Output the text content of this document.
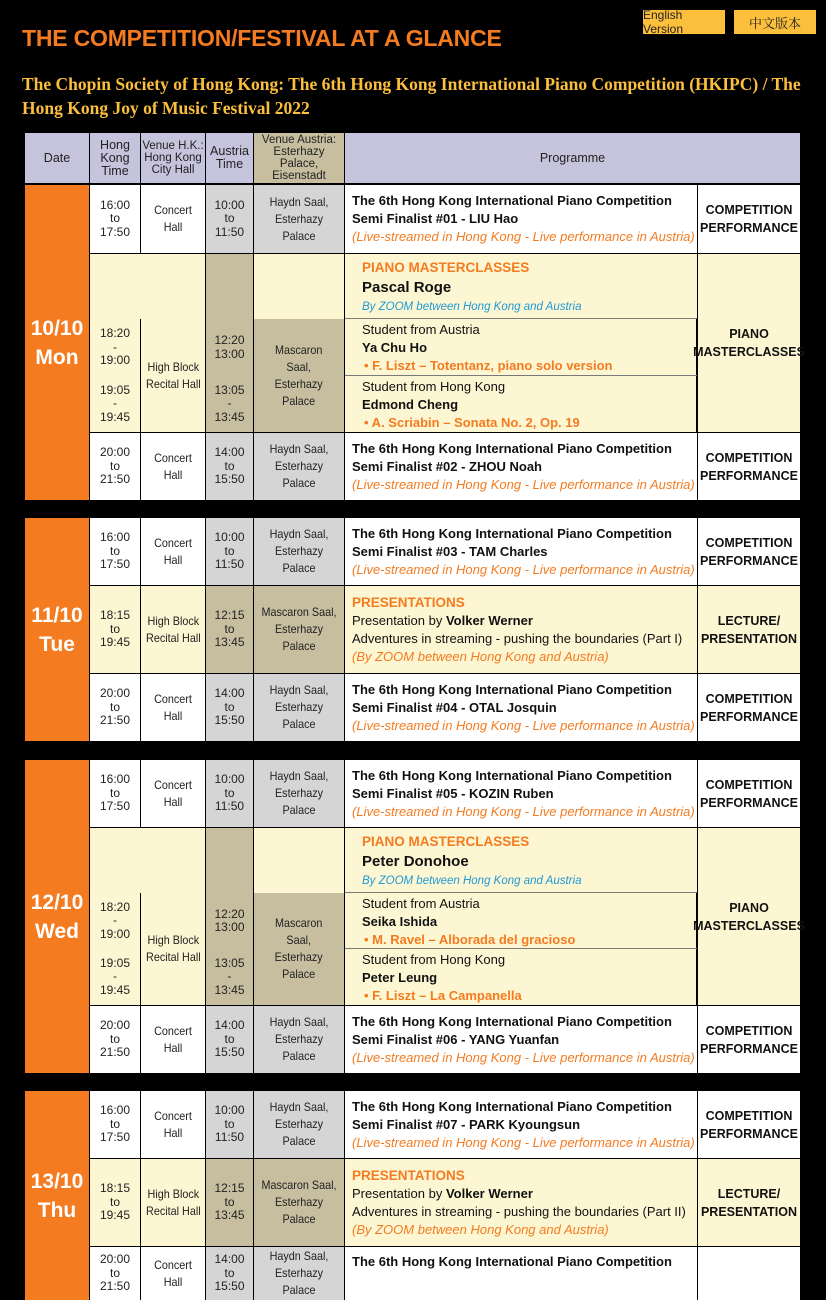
English Version	中文版本
THE COMPETITION/FESTIVAL AT A GLANCE
The Chopin Society of Hong Kong: The 6th Hong Kong International Piano Competition (HKIPC) / The Hong Kong Joy of Music Festival 2022
Date
Hong
Kong
Time
Venue H.K.:
Hong Kong
City Hall
Austria
Time
Venue Austria:
Esterhazy Palace,
Eisenstadt
Programme
10/10
Mon
16:00
to
17:50
Concert Hall
10:00
to
11:50
Haydn Saal,
Esterhazy Palace
The 6th Hong Kong International Piano Competition
Semi Finalist #01 - LIU Hao
(Live-streamed in Hong Kong - Live performance in Austria)
COMPETITION
PERFORMANCE
18:20
-
19:00
12:20
13:00
19:05
-
19:45
13:05
-
13:45
High Block
Recital Hall
Mascaron
Saal,
Esterhazy
Palace
PIANO MASTERCLASSES
Pascal Roge
By ZOOM between Hong Kong and Austria
Student from Austria
Ya Chu Ho
• F. Liszt – Totentanz, piano solo version
Student from Hong Kong
Edmond Cheng
• A. Scriabin – Sonata No. 2, Op. 19
PIANO
MASTERCLASSES
20:00
to
21:50
Concert Hall
14:00
to
15:50
Haydn Saal,
Esterhazy Palace
The 6th Hong Kong International Piano Competition
Semi Finalist #02 - ZHOU Noah
(Live-streamed in Hong Kong - Live performance in Austria)
COMPETITION
PERFORMANCE
11/10
Tue
16:00
to
17:50
Concert Hall
10:00
to
11:50
Haydn Saal,
Esterhazy Palace
The 6th Hong Kong International Piano Competition
Semi Finalist #03 - TAM Charles
(Live-streamed in Hong Kong - Live performance in Austria)
COMPETITION
PERFORMANCE
18:15
to
19:45
High Block
Recital Hall
12:15
to
13:45
Mascaron Saal,
Esterhazy Palace
PRESENTATIONS
Presentation by Volker Werner
Adventures in streaming - pushing the boundaries (Part I)
(By ZOOM between Hong Kong and Austria)
LECTURE/
PRESENTATION
20:00
to
21:50
Concert Hall
14:00
to
15:50
Haydn Saal,
Esterhazy Palace
The 6th Hong Kong International Piano Competition
Semi Finalist #04 - OTAL Josquin
(Live-streamed in Hong Kong - Live performance in Austria)
COMPETITION
PERFORMANCE
12/10
Wed
16:00
to
17:50
Concert Hall
10:00
to
11:50
Haydn Saal,
Esterhazy Palace
The 6th Hong Kong International Piano Competition
Semi Finalist #05 - KOZIN Ruben
(Live-streamed in Hong Kong - Live performance in Austria)
COMPETITION
PERFORMANCE
18:20
-
19:00
12:20
13:00
19:05
-
19:45
13:05
-
13:45
High Block
Recital Hall
Mascaron
Saal,
Esterhazy
Palace
PIANO MASTERCLASSES
Peter Donohoe
By ZOOM between Hong Kong and Austria
Student from Austria
Seika Ishida
• M. Ravel – Alborada del gracioso
Student from Hong Kong
Peter Leung
• F. Liszt – La Campanella
PIANO
MASTERCLASSES
20:00
to
21:50
Concert Hall
14:00
to
15:50
Haydn Saal,
Esterhazy Palace
The 6th Hong Kong International Piano Competition
Semi Finalist #06 - YANG Yuanfan
(Live-streamed in Hong Kong - Live performance in Austria)
COMPETITION
PERFORMANCE
13/10
Thu
16:00
to
17:50
Concert Hall
10:00
to
11:50
Haydn Saal,
Esterhazy Palace
The 6th Hong Kong International Piano Competition
Semi Finalist #07 - PARK Kyoungsun
(Live-streamed in Hong Kong - Live performance in Austria)
COMPETITION
PERFORMANCE
18:15
to
19:45
High Block
Recital Hall
12:15
to
13:45
Mascaron Saal,
Esterhazy Palace
PRESENTATIONS
Presentation by Volker Werner
Adventures in streaming - pushing the boundaries (Part II)
(By ZOOM between Hong Kong and Austria)
LECTURE/
PRESENTATION
20:00
to
21:50
Concert Hall
14:00
to
15:50
Haydn Saal,
Esterhazy Palace
The 6th Hong Kong International Piano Competition
